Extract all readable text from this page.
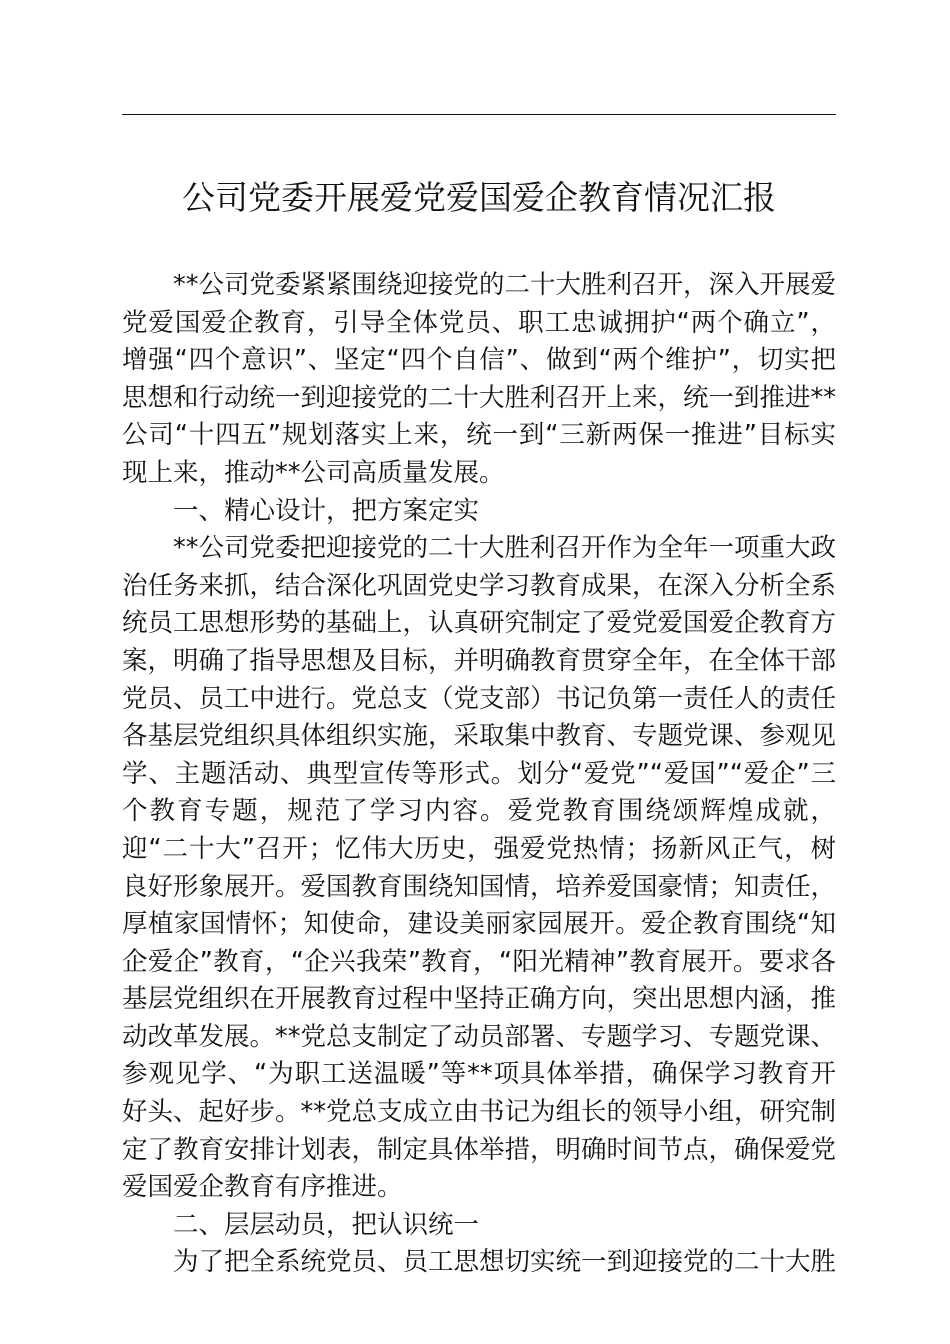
公司党委开展爱党爱国爱企教育情况汇报

**公司党委紧紧围绕迎接党的二十大胜利召开，深入开展爱党爱国爱企教育，引导全体党员、职工忠诚拥护“两个确立”，增强“四个意识”、坚定“四个自信”、做到“两个维护”，切实把思想和行动统一到迎接党的二十大胜利召开上来，统一到推进**公司“十四五”规划落实上来，统一到“三新两保一推进”目标实现上来，推动**公司高质量发展。

一、精心设计，把方案定实

**公司党委把迎接党的二十大胜利召开作为全年一项重大政治任务来抓，结合深化巩固党史学习教育成果，在深入分析全系统员工思想形势的基础上，认真研究制定了爱党爱国爱企教育方案，明确了指导思想及目标，并明确教育贯穿全年，在全体干部党员、员工中进行。党总支（党支部）书记负第一责任人的责任各基层党组织具体组织实施，采取集中教育、专题党课、参观见学、主题活动、典型宣传等形式。划分“爱党”“爱国”“爱企”三个教育专题，规范了学习内容。爱党教育围绕颂辉煌成就，迎“二十大”召开；忆伟大历史，强爱党热情；扬新风正气，树良好形象展开。爱国教育围绕知国情，培养爱国豪情；知责任，厚植家国情怀；知使命，建设美丽家园展开。爱企教育围绕“知企爱企”教育，“企兴我荣”教育，“阳光精神”教育展开。要求各基层党组织在开展教育过程中坚持正确方向，突出思想内涵，推动改革发展。**党总支制定了动员部署、专题学习、专题党课、参观见学、“为职工送温暖”等**项具体举措，确保学习教育开好头、起好步。**党总支成立由书记为组长的领导小组，研究制定了教育安排计划表，制定具体举措，明确时间节点，确保爱党爱国爱企教育有序推进。

二、层层动员，把认识统一

为了把全系统党员、员工思想切实统一到迎接党的二十大胜
